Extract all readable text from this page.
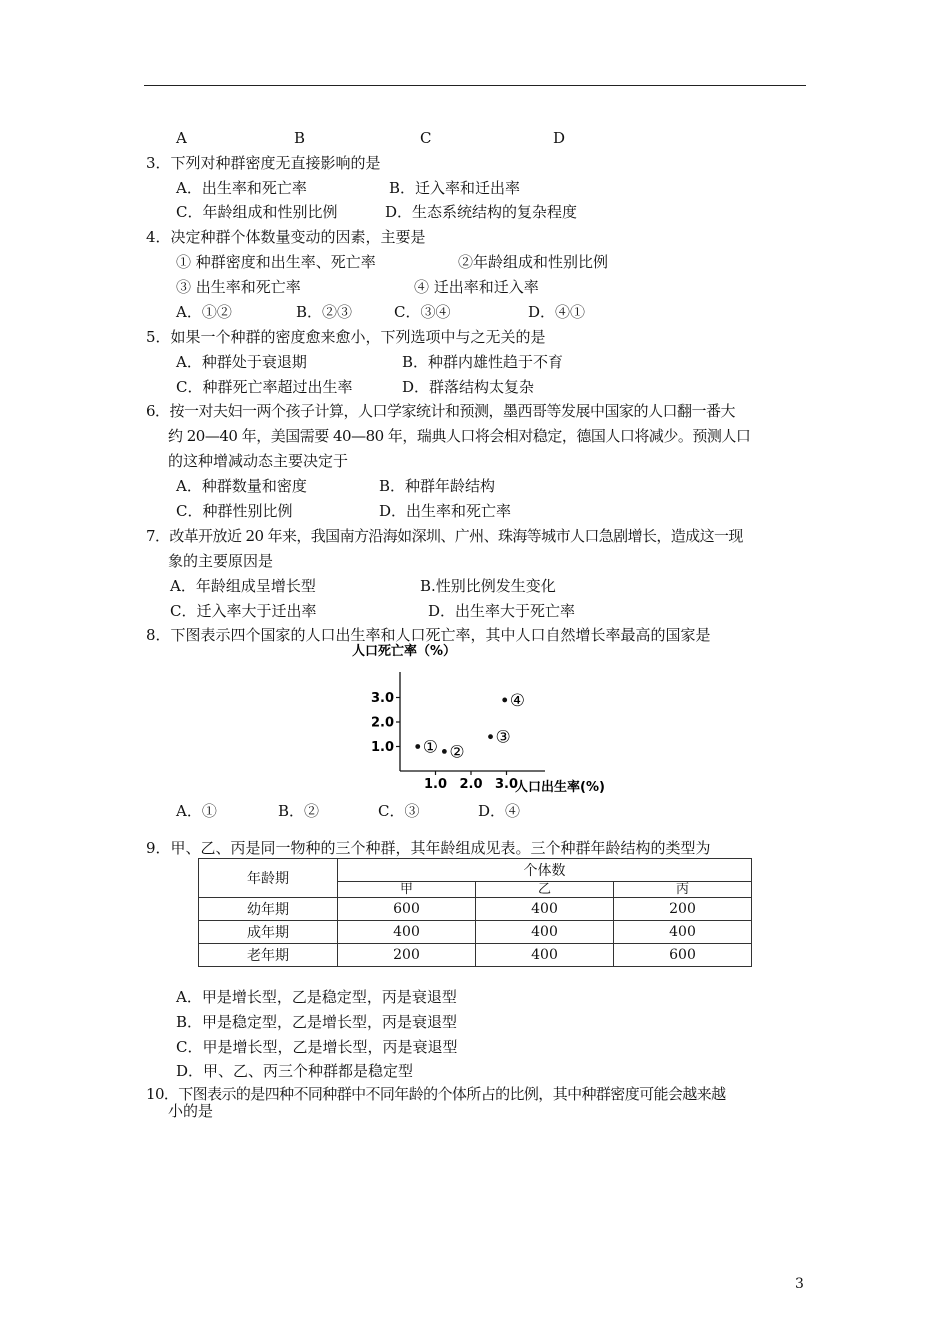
A	B	C	D
3．下列对种群密度无直接影响的是
A．出生率和死亡率	B．迁入率和迁出率
C．年龄组成和性别比例	D．生态系统结构的复杂程度
4．决定种群个体数量变动的因素，主要是
① 种群密度和出生率、死亡率	②年龄组成和性别比例
③ 出生率和死亡率	④ 迁出率和迁入率
A．①②	B．②③	C．③④	D．④①
5．如果一个种群的密度愈来愈小，下列选项中与之无关的是
A．种群处于衰退期	B．种群内雄性趋于不育
C．种群死亡率超过出生率	D．群落结构太复杂
6．按一对夫妇一两个孩子计算，人口学家统计和预测，墨西哥等发展中国家的人口翻一番大
约 20—40 年，美国需要 40—80 年，瑞典人口将会相对稳定，德国人口将减少。预测人口
的这种增减动态主要决定于
A．种群数量和密度	B．种群年龄结构
C．种群性别比例	D．出生率和死亡率
7．改革开放近 20 年来，我国南方沿海如深圳、广州、珠海等城市人口急剧增长，造成这一现
象的主要原因是
A．年龄组成呈增长型	B.性别比例发生变化
C．迁入率大于迁出率	D．出生率大于死亡率
8．下图表示四个国家的人口出生率和人口死亡率，其中人口自然增长率最高的国家是
人口死亡率（%）
1.0
2.0
3.0
1.0 2.0 3.0
① ②
③
④
人口出生率(%)
A．①	B．②	C．③	D．④
9．甲、乙、丙是同一物种的三个种群，其年龄组成见表。三个种群年龄结构的类型为
年龄期	个体数		
	甲	乙	丙
幼年期	600	400	200
成年期	400	400	400
老年期	200	400	600
A．甲是增长型，乙是稳定型，丙是衰退型
B．甲是稳定型，乙是增长型，丙是衰退型
C．甲是增长型，乙是增长型，丙是衰退型
D．甲、乙、丙三个种群都是稳定型
10．下图表示的是四种不同种群中不同年龄的个体所占的比例，其中种群密度可能会越来越
小的是
3
